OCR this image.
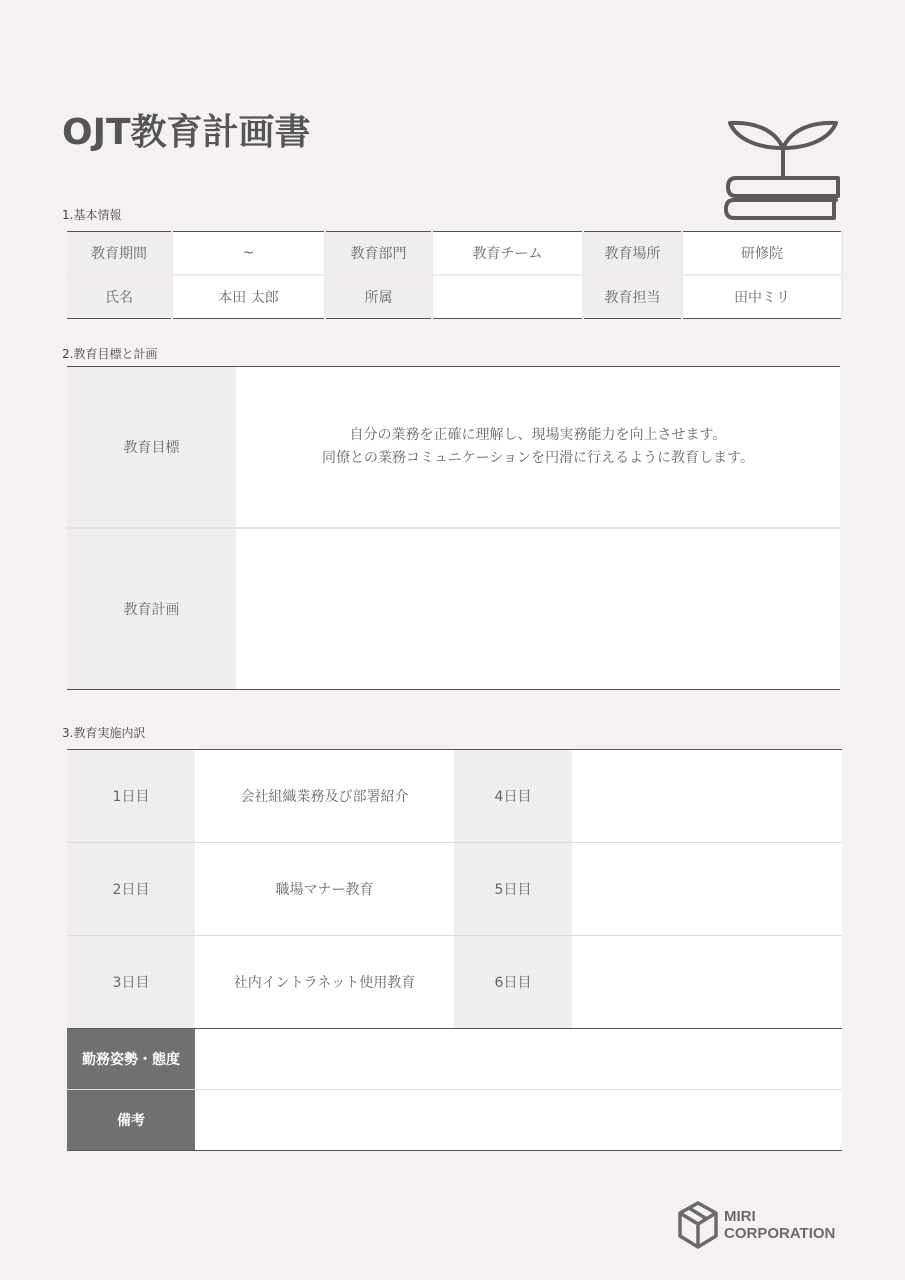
OJT教育計画書
1.基本情報
教育期間	~	教育部門	教育チーム	教育場所	研修院
氏名	本田 太郎	所属		教育担当	田中ミリ
2.教育目標と計画
教育目標	自分の業務を正確に理解し、現場実務能力を向上させます。
同僚との業務コミュニケーションを円滑に行えるように教育します。

教育計画	
3.教育実施内訳
1日目	会社組織業務及び部署紹介	4日目	
2日目	職場マナー教育	5日目	
3日目	社内イントラネット使用教育	6日目	
勤務姿勢・態度			
備考			
MIRI
CORPORATION
